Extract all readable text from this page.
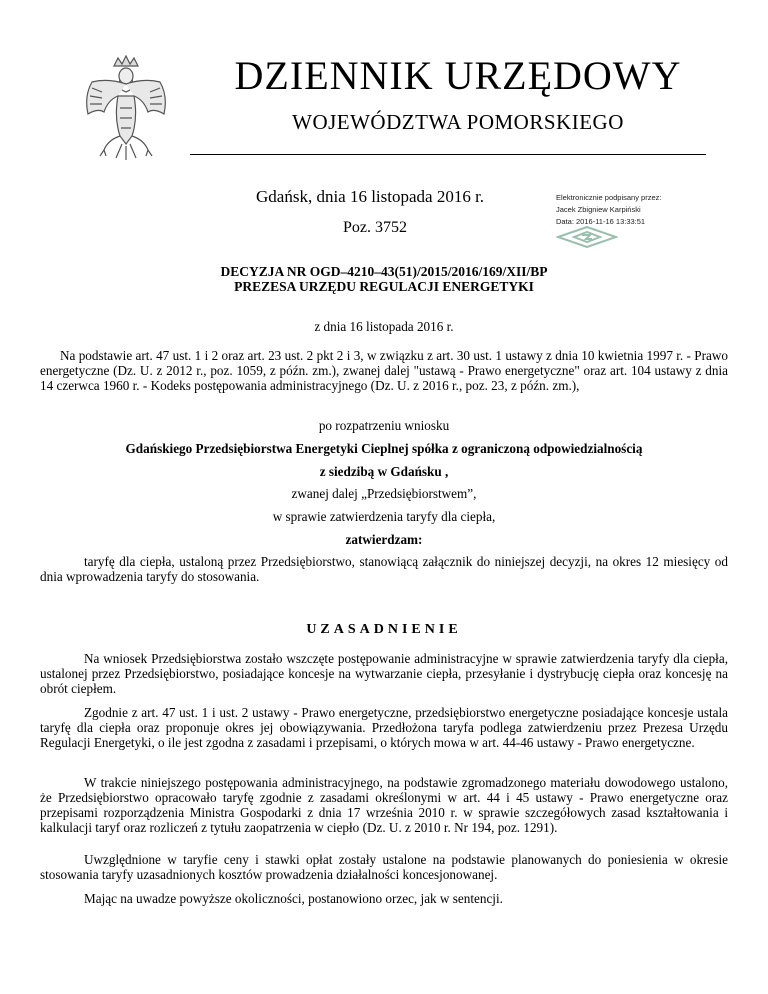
DZIENNIK URZĘDOWY
WOJEWÓDZTWA POMORSKIEGO
Gdańsk, dnia 16 listopada 2016 r.
Poz. 3752
Elektronicznie podpisany przez:
Jacek Zbigniew Karpiński
Data: 2016-11-16 13:33:51
DECYZJA NR OGD–4210–43(51)/2015/2016/169/XII/BP
PREZESA URZĘDU REGULACJI ENERGETYKI
z dnia 16 listopada 2016 r.
Na podstawie art. 47 ust. 1 i 2 oraz art. 23 ust. 2 pkt 2 i 3, w związku z art. 30 ust. 1 ustawy z dnia 10 kwietnia 1997 r. - Prawo energetyczne (Dz. U. z 2012 r., poz. 1059, z późn. zm.), zwanej dalej "ustawą - Prawo energetyczne" oraz art. 104 ustawy z dnia 14 czerwca 1960 r. - Kodeks postępowania administracyjnego (Dz. U. z 2016 r., poz. 23, z późn. zm.),
po rozpatrzeniu wniosku
Gdańskiego Przedsiębiorstwa Energetyki Cieplnej spółka z ograniczoną odpowiedzialnością
z siedzibą w Gdańsku ,
zwanej dalej „Przedsiębiorstwem”,
w sprawie zatwierdzenia taryfy dla ciepła,
zatwierdzam:
taryfę dla ciepła, ustaloną przez Przedsiębiorstwo, stanowiącą załącznik do niniejszej decyzji, na okres 12 miesięcy od dnia wprowadzenia taryfy do stosowania.
UZASADNIENIE
Na wniosek Przedsiębiorstwa zostało wszczęte postępowanie administracyjne w sprawie zatwierdzenia taryfy dla ciepła, ustalonej przez Przedsiębiorstwo, posiadające koncesje na wytwarzanie ciepła, przesyłanie i dystrybucję ciepła oraz koncesję na obrót ciepłem.
Zgodnie z art. 47 ust. 1 i ust. 2 ustawy - Prawo energetyczne, przedsiębiorstwo energetyczne posiadające koncesje ustala taryfę dla ciepła oraz proponuje okres jej obowiązywania. Przedłożona taryfa podlega zatwierdzeniu przez Prezesa Urzędu Regulacji Energetyki, o ile jest zgodna z zasadami i przepisami, o których mowa w art. 44-46 ustawy - Prawo energetyczne.
W trakcie niniejszego postępowania administracyjnego, na podstawie zgromadzonego materiału dowodowego ustalono, że Przedsiębiorstwo opracowało taryfę zgodnie z zasadami określonymi w art. 44 i 45 ustawy - Prawo energetyczne oraz przepisami rozporządzenia Ministra Gospodarki z dnia 17 września 2010 r. w sprawie szczegółowych zasad kształtowania i kalkulacji taryf oraz rozliczeń z tytułu zaopatrzenia w ciepło (Dz. U. z 2010 r. Nr 194, poz. 1291).
Uwzględnione w taryfie ceny i stawki opłat zostały ustalone na podstawie planowanych do poniesienia w okresie stosowania taryfy uzasadnionych kosztów prowadzenia działalności koncesjonowanej.
Mając na uwadze powyższe okoliczności, postanowiono orzec, jak w sentencji.
